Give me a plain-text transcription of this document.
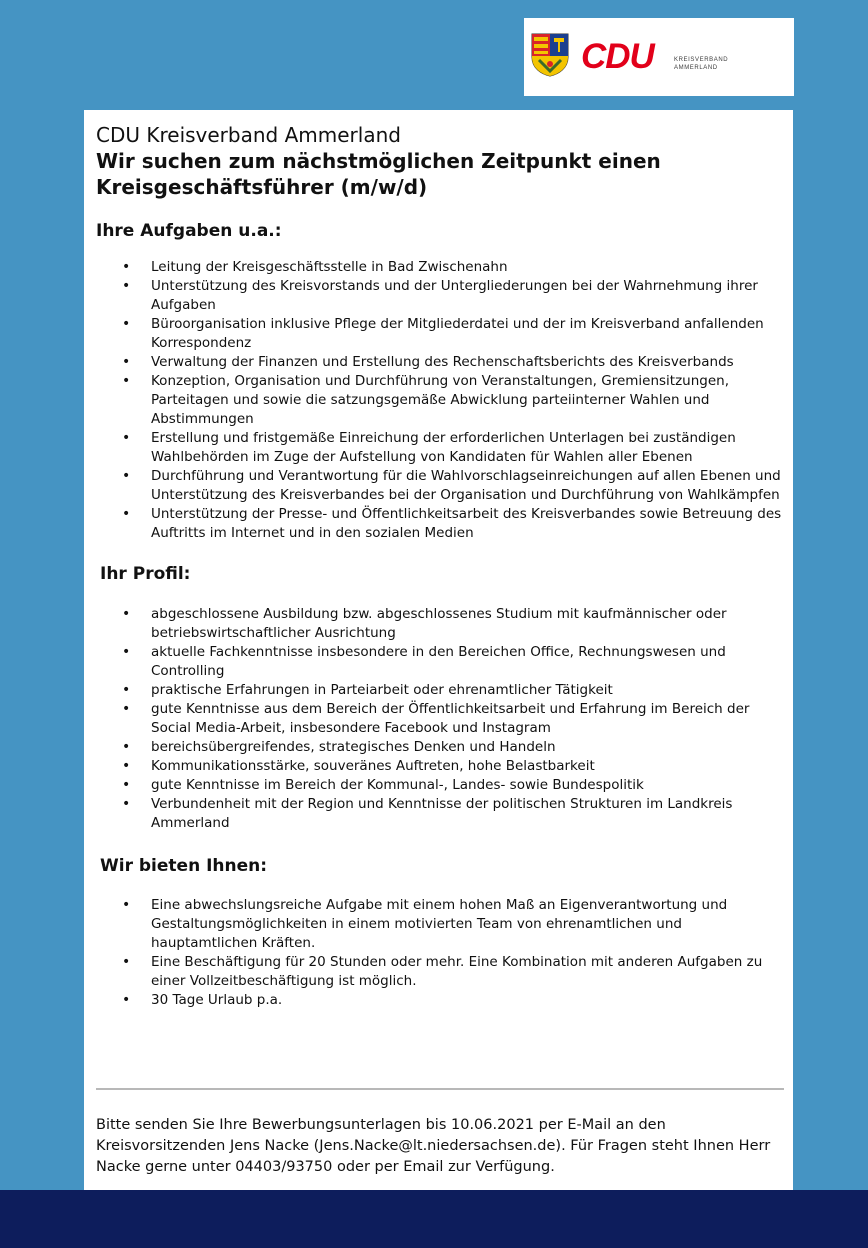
CDU	KREISVERBAND
AMMERLAND
CDU Kreisverband Ammerland
Wir suchen zum nächstmöglichen Zeitpunkt einen
Kreisgeschäftsführer (m/w/d)
Ihre Aufgaben u.a.:
• Leitung der Kreisgeschäftsstelle in Bad Zwischenahn
• Unterstützung des Kreisvorstands und der Untergliederungen bei der Wahrnehmung ihrer Aufgaben
• Büroorganisation inklusive Pflege der Mitgliederdatei und der im Kreisverband anfallenden Korrespondenz
• Verwaltung der Finanzen und Erstellung des Rechenschaftsberichts des Kreisverbands
• Konzeption, Organisation und Durchführung von Veranstaltungen, Gremiensitzungen, Parteitagen und sowie die satzungsgemäße Abwicklung parteiinterner Wahlen und Abstimmungen
• Erstellung und fristgemäße Einreichung der erforderlichen Unterlagen bei zuständigen Wahlbehörden im Zuge der Aufstellung von Kandidaten für Wahlen aller Ebenen
• Durchführung und Verantwortung für die Wahlvorschlagseinreichungen auf allen Ebenen und Unterstützung des Kreisverbandes bei der Organisation und Durchführung von Wahlkämpfen
• Unterstützung der Presse- und Öffentlichkeitsarbeit des Kreisverbandes sowie Betreuung des Auftritts im Internet und in den sozialen Medien
Ihr Profil:
• abgeschlossene Ausbildung bzw. abgeschlossenes Studium mit kaufmännischer oder betriebswirtschaftlicher Ausrichtung
• aktuelle Fachkenntnisse insbesondere in den Bereichen Office, Rechnungswesen und Controlling
• praktische Erfahrungen in Parteiarbeit oder ehrenamtlicher Tätigkeit
• gute Kenntnisse aus dem Bereich der Öffentlichkeitsarbeit und Erfahrung im Bereich der Social Media-Arbeit, insbesondere Facebook und Instagram
• bereichsübergreifendes, strategisches Denken und Handeln
• Kommunikationsstärke, souveränes Auftreten, hohe Belastbarkeit
• gute Kenntnisse im Bereich der Kommunal-, Landes- sowie Bundespolitik
• Verbundenheit mit der Region und Kenntnisse der politischen Strukturen im Landkreis Ammerland
Wir bieten Ihnen:
• Eine abwechslungsreiche Aufgabe mit einem hohen Maß an Eigenverantwortung und Gestaltungsmöglichkeiten in einem motivierten Team von ehrenamtlichen und hauptamtlichen Kräften.
• Eine Beschäftigung für 20 Stunden oder mehr. Eine Kombination mit anderen Aufgaben zu einer Vollzeitbeschäftigung ist möglich.
• 30 Tage Urlaub p.a.
Bitte senden Sie Ihre Bewerbungsunterlagen bis 10.06.2021 per E-Mail an den Kreisvorsitzenden Jens Nacke (Jens.Nacke@lt.niedersachsen.de). Für Fragen steht Ihnen Herr Nacke gerne unter 04403/93750 oder per Email zur Verfügung.
